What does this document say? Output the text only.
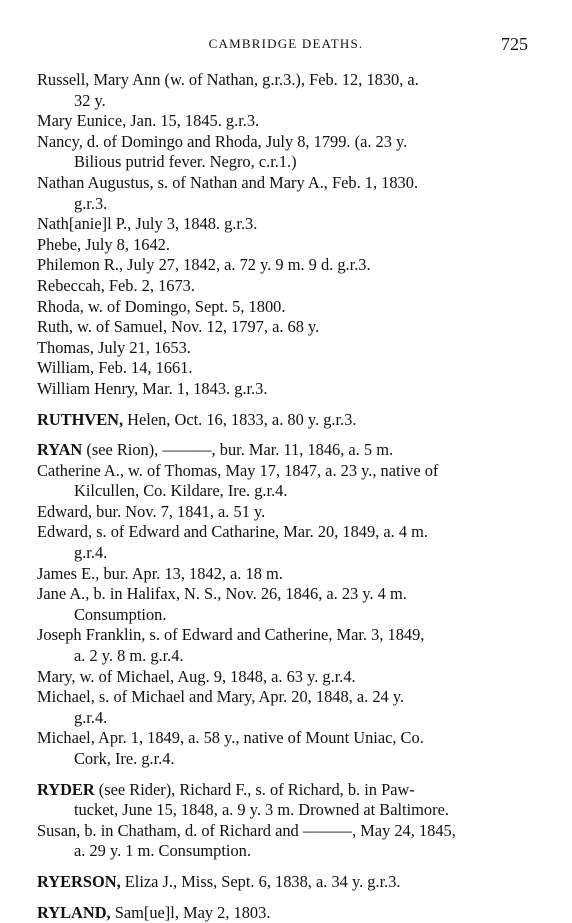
CAMBRIDGE DEATHS.	725
Russell, Mary Ann (w. of Nathan, g.r.3.), Feb. 12, 1830, a.
32 y.
Mary Eunice, Jan. 15, 1845. g.r.3.
Nancy, d. of Domingo and Rhoda, July 8, 1799. (a. 23 y.
Bilious putrid fever. Negro, c.r.1.)
Nathan Augustus, s. of Nathan and Mary A., Feb. 1, 1830.
g.r.3.
Nath[anie]l P., July 3, 1848. g.r.3.
Phebe, July 8, 1642.
Philemon R., July 27, 1842, a. 72 y. 9 m. 9 d. g.r.3.
Rebeccah, Feb. 2, 1673.
Rhoda, w. of Domingo, Sept. 5, 1800.
Ruth, w. of Samuel, Nov. 12, 1797, a. 68 y.
Thomas, July 21, 1653.
William, Feb. 14, 1661.
William Henry, Mar. 1, 1843. g.r.3.
RUTHVEN, Helen, Oct. 16, 1833, a. 80 y. g.r.3.
RYAN (see Rion), ———, bur. Mar. 11, 1846, a. 5 m.
Catherine A., w. of Thomas, May 17, 1847, a. 23 y., native of
Kilcullen, Co. Kildare, Ire. g.r.4.
Edward, bur. Nov. 7, 1841, a. 51 y.
Edward, s. of Edward and Catharine, Mar. 20, 1849, a. 4 m.
g.r.4.
James E., bur. Apr. 13, 1842, a. 18 m.
Jane A., b. in Halifax, N. S., Nov. 26, 1846, a. 23 y. 4 m.
Consumption.
Joseph Franklin, s. of Edward and Catherine, Mar. 3, 1849,
a. 2 y. 8 m. g.r.4.
Mary, w. of Michael, Aug. 9, 1848, a. 63 y. g.r.4.
Michael, s. of Michael and Mary, Apr. 20, 1848, a. 24 y.
g.r.4.
Michael, Apr. 1, 1849, a. 58 y., native of Mount Uniac, Co.
Cork, Ire. g.r.4.
RYDER (see Rider), Richard F., s. of Richard, b. in Paw-
tucket, June 15, 1848, a. 9 y. 3 m. Drowned at Baltimore.
Susan, b. in Chatham, d. of Richard and ———, May 24, 1845,
a. 29 y. 1 m. Consumption.
RYERSON, Eliza J., Miss, Sept. 6, 1838, a. 34 y. g.r.3.
RYLAND, Sam[ue]l, May 2, 1803.
